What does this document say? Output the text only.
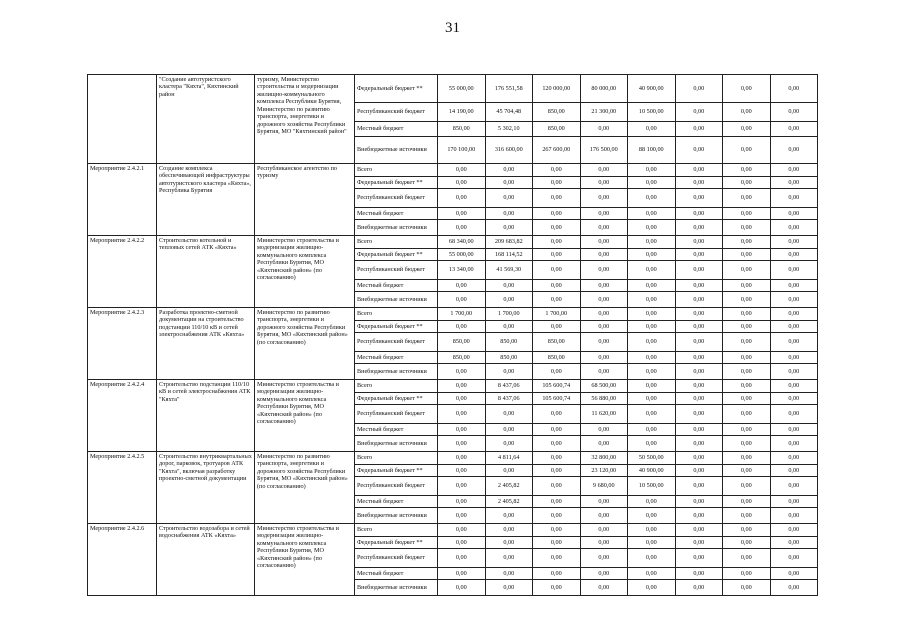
31
	"Создание автотуристского кластера "Кяхта", Кяхтинский район	туризму, Министерство строительства и модернизации жилищно-коммунального комплекса Республики Бурятия, Министерство по развитию транспорта, энергетики и дорожного хозяйства Республики Бурятия, МО "Кяхтинский район"	Федеральный бюджет **	55 000,00	176 551,58	120 000,00	80 000,00	40 900,00	0,00	0,00	0,00
			Республиканский бюджет	14 190,00	45 704,48	850,00	21 300,00	10 500,00	0,00	0,00	0,00
			Местный бюджет	850,00	5 302,10	850,00	0,00	0,00	0,00	0,00	0,00
			Внебюджетные источники	170 100,00	316 600,00	267 600,00	176 500,00	88 100,00	0,00	0,00	0,00
Мероприятие 2.4.2.1	Создание комплекса обеспечивающей инфраструктуры автотуристского кластера «Кяхта», Республика Бурятия	Республиканское агентство по туризму	Всего	0,00	0,00	0,00	0,00	0,00	0,00	0,00	0,00
			Федеральный бюджет **	0,00	0,00	0,00	0,00	0,00	0,00	0,00	0,00
			Республиканский бюджет	0,00	0,00	0,00	0,00	0,00	0,00	0,00	0,00
			Местный бюджет	0,00	0,00	0,00	0,00	0,00	0,00	0,00	0,00
			Внебюджетные источники	0,00	0,00	0,00	0,00	0,00	0,00	0,00	0,00
Мероприятие 2.4.2.2	Строительство котельной и тепловых сетей АТК «Кяхта»	Министерство строительства и модернизации жилищно-коммунального комплекса Республики Бурятия, МО «Кяхтинский район» (по согласованию)	Всего	68 340,00	209 683,82	0,00	0,00	0,00	0,00	0,00	0,00
			Федеральный бюджет **	55 000,00	168 114,52	0,00	0,00	0,00	0,00	0,00	0,00
			Республиканский бюджет	13 340,00	41 569,30	0,00	0,00	0,00	0,00	0,00	0,00
			Местный бюджет	0,00	0,00	0,00	0,00	0,00	0,00	0,00	0,00
			Внебюджетные источники	0,00	0,00	0,00	0,00	0,00	0,00	0,00	0,00
Мероприятие 2.4.2.3	Разработка проектно-сметной документации на строительство подстанции 110/10 кВ и сетей электроснабжения АТК «Кяхта»	Министерство по развитию транспорта, энергетики и дорожного хозяйства Республики Бурятия, МО «Кяхтинский район» (по согласованию)	Всего	1 700,00	1 700,00	1 700,00	0,00	0,00	0,00	0,00	0,00
			Федеральный бюджет **	0,00	0,00	0,00	0,00	0,00	0,00	0,00	0,00
			Республиканский бюджет	850,00	850,00	850,00	0,00	0,00	0,00	0,00	0,00
			Местный бюджет	850,00	850,00	850,00	0,00	0,00	0,00	0,00	0,00
			Внебюджетные источники	0,00	0,00	0,00	0,00	0,00	0,00	0,00	0,00
Мероприятие 2.4.2.4	Строительство подстанции 110/10 кВ и сетей электроснабжения АТК "Кяхта"	Министерство строительства и модернизации жилищно-коммунального комплекса Республики Бурятия, МО «Кяхтинский район» (по согласованию)	Всего	0,00	8 437,06	105 600,74	68 500,00	0,00	0,00	0,00	0,00
			Федеральный бюджет **	0,00	8 437,06	105 600,74	56 880,00	0,00	0,00	0,00	0,00
			Республиканский бюджет	0,00	0,00	0,00	11 620,00	0,00	0,00	0,00	0,00
			Местный бюджет	0,00	0,00	0,00	0,00	0,00	0,00	0,00	0,00
			Внебюджетные источники	0,00	0,00	0,00	0,00	0,00	0,00	0,00	0,00
Мероприятие 2.4.2.5	Строительство внутриквартальных дорог, парковок, тротуаров АТК "Кяхта", включая разработку проектно-сметной документации	Министерство по развитию транспорта, энергетики и дорожного хозяйства Республики Бурятия, МО «Кяхтинский район» (по согласованию)	Всего	0,00	4 811,64	0,00	32 800,00	50 500,00	0,00	0,00	0,00
			Федеральный бюджет **	0,00	0,00	0,00	23 120,00	40 900,00	0,00	0,00	0,00
			Республиканский бюджет	0,00	2 405,82	0,00	9 680,00	10 500,00	0,00	0,00	0,00
			Местный бюджет	0,00	2 405,82	0,00	0,00	0,00	0,00	0,00	0,00
			Внебюджетные источники	0,00	0,00	0,00	0,00	0,00	0,00	0,00	0,00
Мероприятие 2.4.2.6	Строительство водозабора и сетей водоснабжения АТК «Кяхта»	Министерство строительства и модернизации жилищно-коммунального комплекса Республики Бурятия, МО «Кяхтинский район» (по согласованию)	Всего	0,00	0,00	0,00	0,00	0,00	0,00	0,00	0,00
			Федеральный бюджет **	0,00	0,00	0,00	0,00	0,00	0,00	0,00	0,00
			Республиканский бюджет	0,00	0,00	0,00	0,00	0,00	0,00	0,00	0,00
			Местный бюджет	0,00	0,00	0,00	0,00	0,00	0,00	0,00	0,00
			Внебюджетные источники	0,00	0,00	0,00	0,00	0,00	0,00	0,00	0,00
